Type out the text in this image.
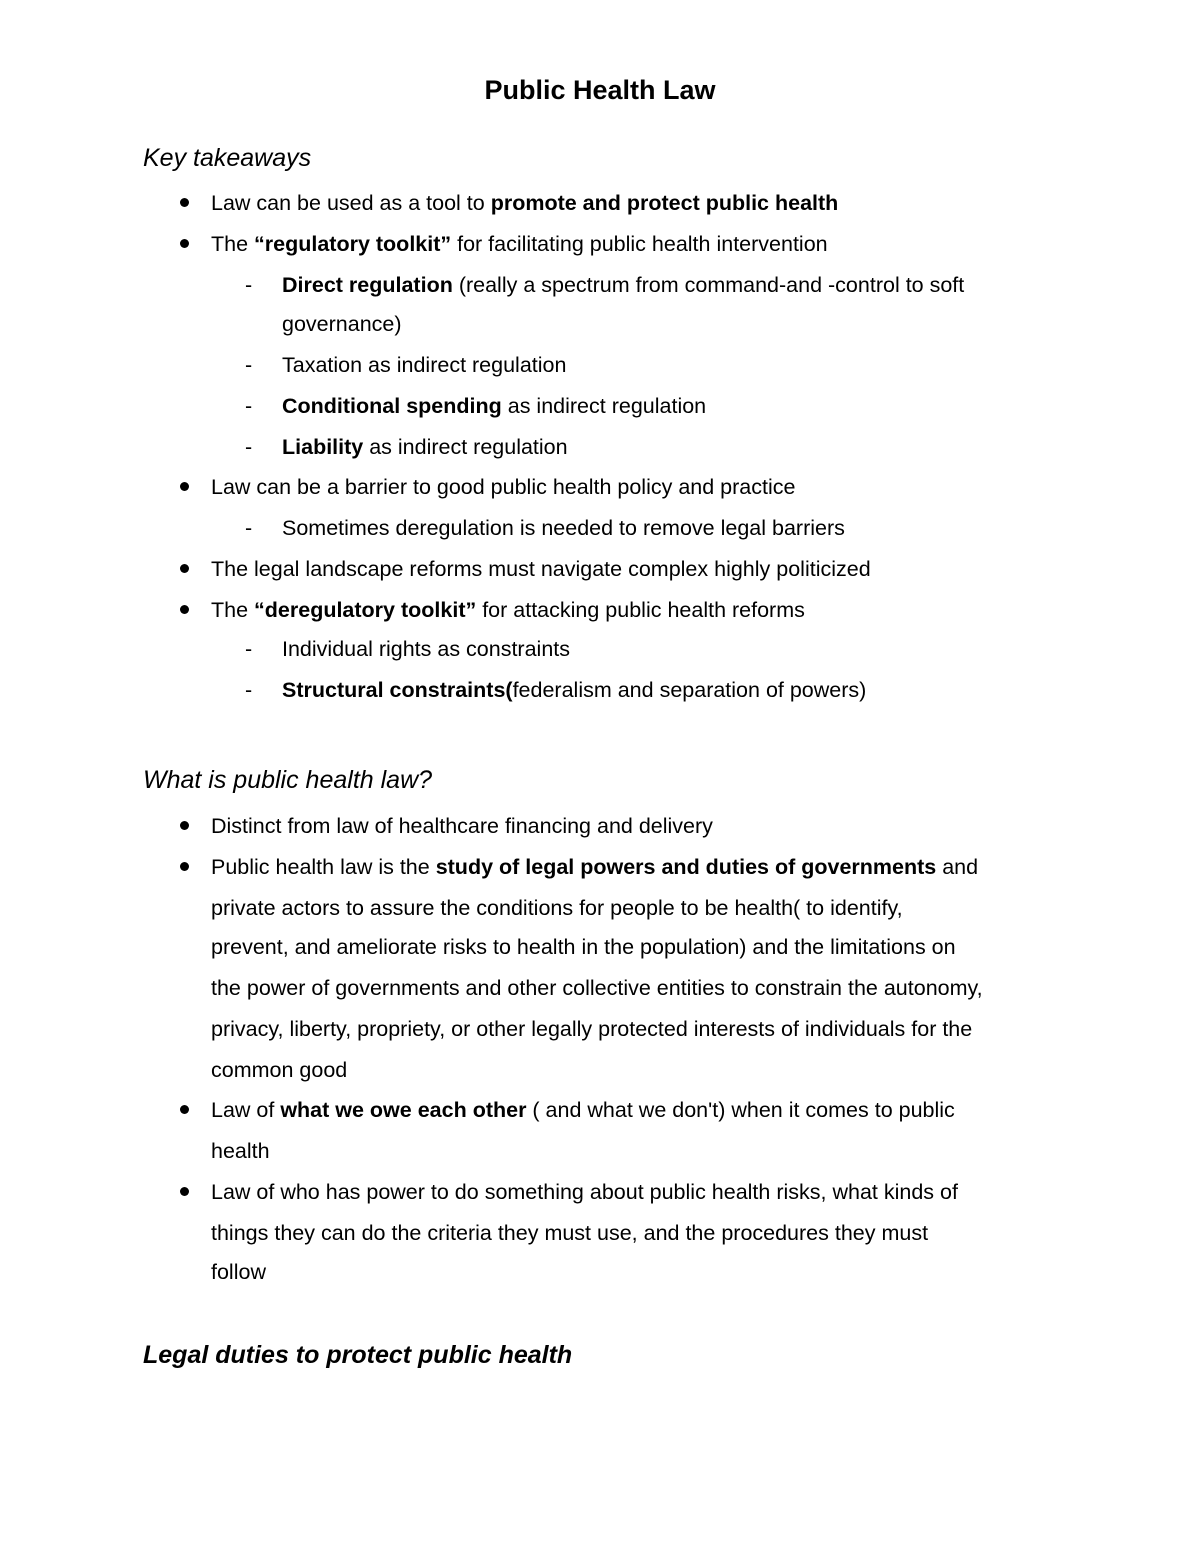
Public Health Law
Key takeaways
Law can be used as a tool to promote and protect public health
The “regulatory toolkit” for facilitating public health intervention
- Direct regulation (really a spectrum from command-and -control to soft
governance)
- Taxation as indirect regulation
- Conditional spending as indirect regulation
- Liability as indirect regulation
Law can be a barrier to good public health policy and practice
- Sometimes deregulation is needed to remove legal barriers
The legal landscape reforms must navigate complex highly politicized
The “deregulatory toolkit” for attacking public health reforms
- Individual rights as constraints
- Structural constraints(federalism and separation of powers)
What is public health law?
Distinct from law of healthcare financing and delivery
Public health law is the study of legal powers and duties of governments and
private actors to assure the conditions for people to be health( to identify,
prevent, and ameliorate risks to health in the population) and the limitations on
the power of governments and other collective entities to constrain the autonomy,
privacy, liberty, propriety, or other legally protected interests of individuals for the
common good
Law of what we owe each other ( and what we don't) when it comes to public
health
Law of who has power to do something about public health risks, what kinds of
things they can do the criteria they must use, and the procedures they must
follow
Legal duties to protect public health
